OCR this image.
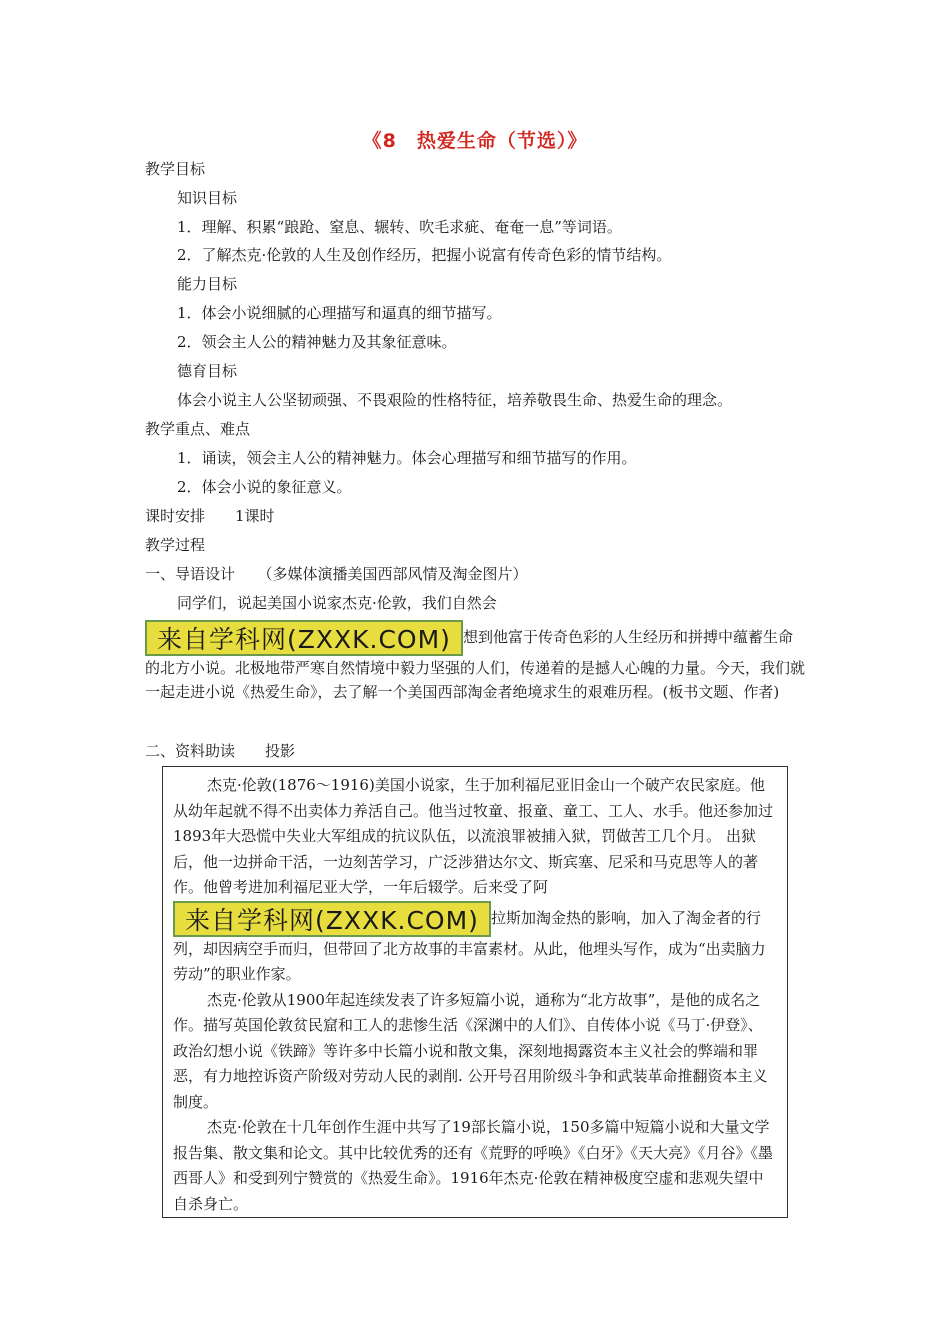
《8　热爱生命（节选）》
教学目标
知识目标
1．理解、积累“踉跄、窒息、辗转、吹毛求疵、奄奄一息”等词语。
2．了解杰克·伦敦的人生及创作经历，把握小说富有传奇色彩的情节结构。
能力目标
1．体会小说细腻的心理描写和逼真的细节描写。
2．领会主人公的精神魅力及其象征意味。
德育目标
体会小说主人公坚韧顽强、不畏艰险的性格特征，培养敬畏生命、热爱生命的理念。
教学重点、难点
1．诵读，领会主人公的精神魅力。体会心理描写和细节描写的作用。
2．体会小说的象征意义。
课时安排　　1课时
教学过程
一、导语设计　　（多媒体演播美国西部风情及淘金图片）
同学们，说起美国小说家杰克·伦敦，我们自然会

来自学科网(ZXXK.COM) 想到他富于传奇色彩的人生经历和拼搏中蕴蓄生命的北方小说。北极地带严寒自然情境中毅力坚强的人们，传递着的是撼人心魄的力量。今天，我们就一起走进小说《热爱生命》，去了解一个美国西部淘金者绝境求生的艰难历程。(板书文题、作者)

二、资料助读　　投影

杰克·伦敦(1876～1916)美国小说家，生于加利福尼亚旧金山一个破产农民家庭。他从幼年起就不得不出卖体力养活自己。他当过牧童、报童、童工、工人、水手。他还参加过1893年大恐慌中失业大军组成的抗议队伍，以流浪罪被捕入狱，罚做苦工几个月。 出狱后，他一边拼命干活，一边刻苦学习，广泛涉猎达尔文、斯宾塞、尼采和马克思等人的著作。他曾考进加利福尼亚大学，一年后辍学。后来受了阿来自学科网(ZXXK.COM) 拉斯加淘金热的影响，加入了淘金者的行列，却因病空手而归，但带回了北方故事的丰富素材。从此，他埋头写作，成为“出卖脑力劳动”的职业作家。

杰克·伦敦从1900年起连续发表了许多短篇小说，通称为“北方故事”，是他的成名之作。描写英国伦敦贫民窟和工人的悲惨生活《深渊中的人们》、自传体小说《马丁·伊登》、政治幻想小说《铁蹄》等许多中长篇小说和散文集，深刻地揭露资本主义社会的弊端和罪恶，有力地控诉资产阶级对劳动人民的剥削. 公开号召用阶级斗争和武装革命推翻资本主义制度。

杰克·伦敦在十几年创作生涯中共写了19部长篇小说，150多篇中短篇小说和大量文学报告集、散文集和论文。其中比较优秀的还有《荒野的呼唤》《白牙》《天大亮》《月谷》《墨西哥人》和受到列宁赞赏的《热爱生命》。1916年杰克·伦敦在精神极度空虚和悲观失望中自杀身亡。
